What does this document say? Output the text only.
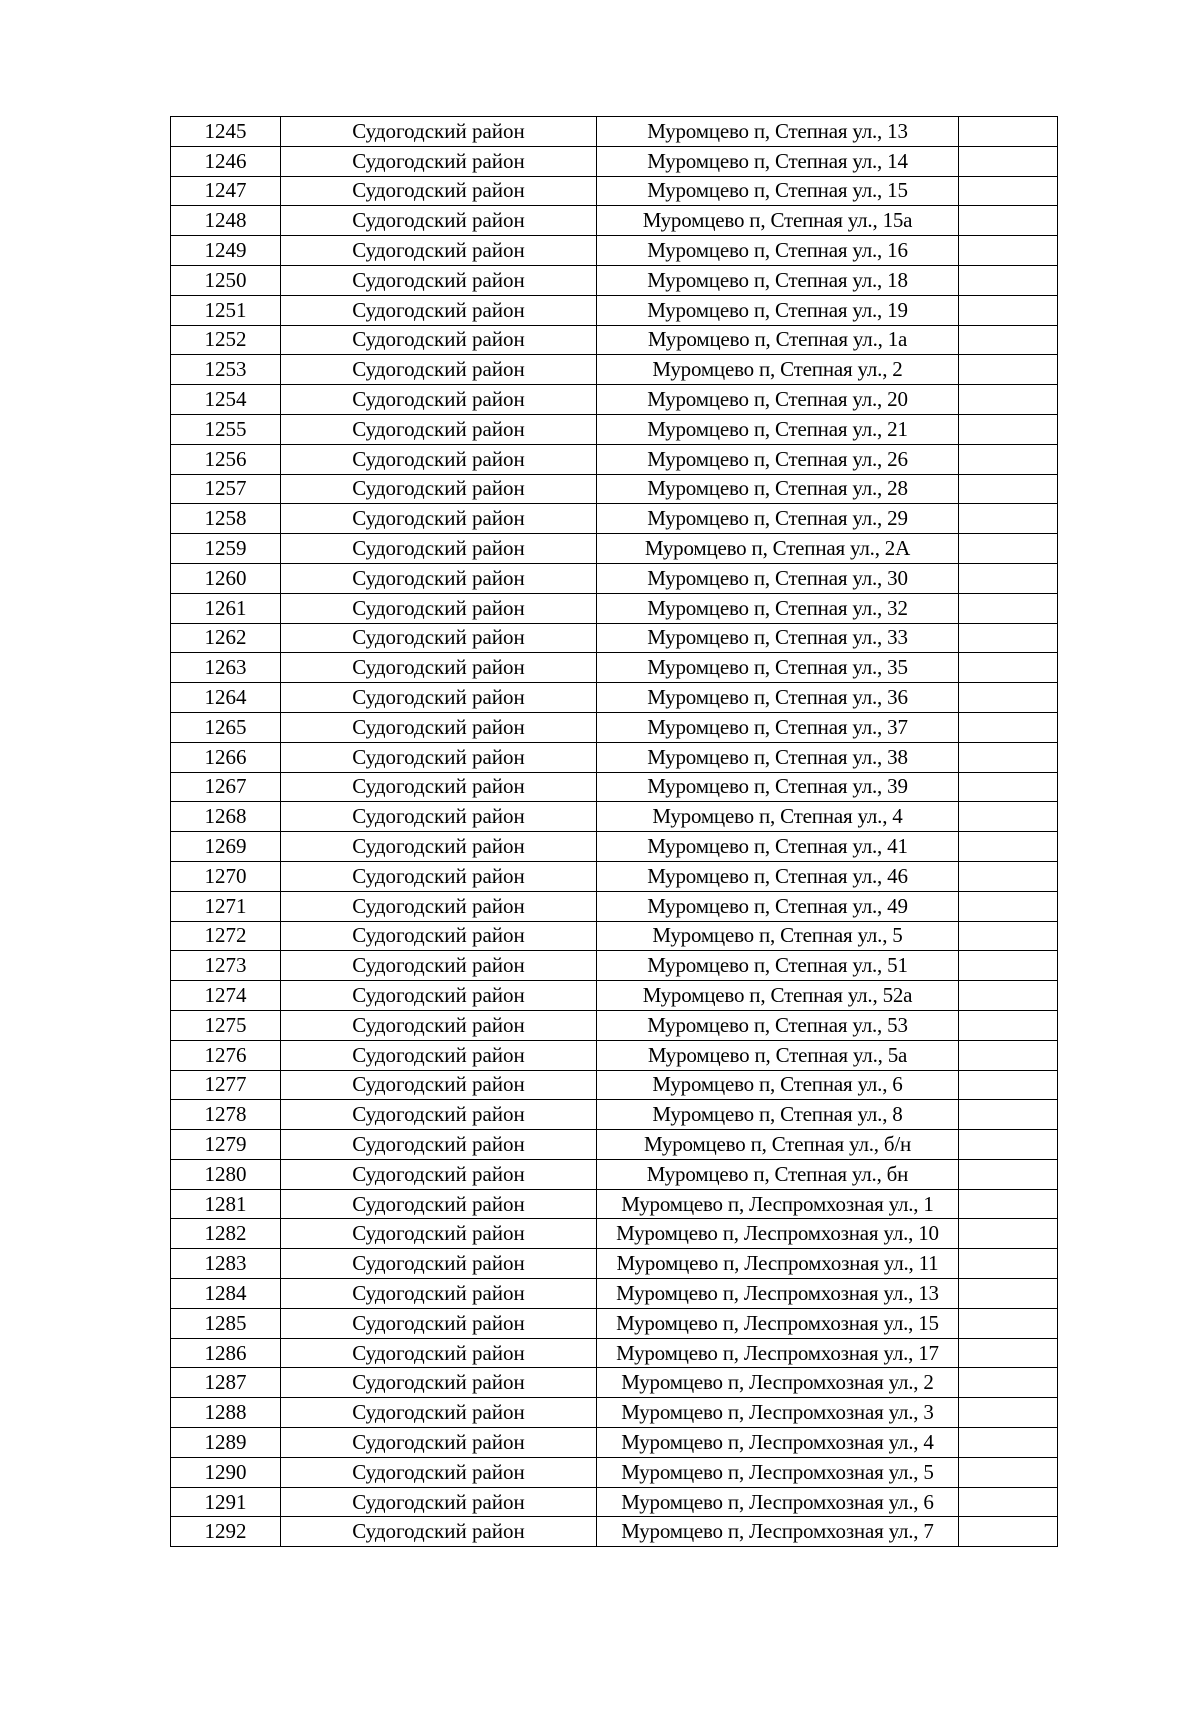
1245	Судогодский район	Муромцево п, Степная ул., 13	
1246	Судогодский район	Муромцево п, Степная ул., 14	
1247	Судогодский район	Муромцево п, Степная ул., 15	
1248	Судогодский район	Муромцево п, Степная ул., 15а	
1249	Судогодский район	Муромцево п, Степная ул., 16	
1250	Судогодский район	Муромцево п, Степная ул., 18	
1251	Судогодский район	Муромцево п, Степная ул., 19	
1252	Судогодский район	Муромцево п, Степная ул., 1а	
1253	Судогодский район	Муромцево п, Степная ул., 2	
1254	Судогодский район	Муромцево п, Степная ул., 20	
1255	Судогодский район	Муромцево п, Степная ул., 21	
1256	Судогодский район	Муромцево п, Степная ул., 26	
1257	Судогодский район	Муромцево п, Степная ул., 28	
1258	Судогодский район	Муромцево п, Степная ул., 29	
1259	Судогодский район	Муромцево п, Степная ул., 2А	
1260	Судогодский район	Муромцево п, Степная ул., 30	
1261	Судогодский район	Муромцево п, Степная ул., 32	
1262	Судогодский район	Муромцево п, Степная ул., 33	
1263	Судогодский район	Муромцево п, Степная ул., 35	
1264	Судогодский район	Муромцево п, Степная ул., 36	
1265	Судогодский район	Муромцево п, Степная ул., 37	
1266	Судогодский район	Муромцево п, Степная ул., 38	
1267	Судогодский район	Муромцево п, Степная ул., 39	
1268	Судогодский район	Муромцево п, Степная ул., 4	
1269	Судогодский район	Муромцево п, Степная ул., 41	
1270	Судогодский район	Муромцево п, Степная ул., 46	
1271	Судогодский район	Муромцево п, Степная ул., 49	
1272	Судогодский район	Муромцево п, Степная ул., 5	
1273	Судогодский район	Муромцево п, Степная ул., 51	
1274	Судогодский район	Муромцево п, Степная ул., 52а	
1275	Судогодский район	Муромцево п, Степная ул., 53	
1276	Судогодский район	Муромцево п, Степная ул., 5а	
1277	Судогодский район	Муромцево п, Степная ул., 6	
1278	Судогодский район	Муромцево п, Степная ул., 8	
1279	Судогодский район	Муромцево п, Степная ул., б/н	
1280	Судогодский район	Муромцево п, Степная ул., бн	
1281	Судогодский район	Муромцево п, Леспромхозная ул., 1	
1282	Судогодский район	Муромцево п, Леспромхозная ул., 10	
1283	Судогодский район	Муромцево п, Леспромхозная ул., 11	
1284	Судогодский район	Муромцево п, Леспромхозная ул., 13	
1285	Судогодский район	Муромцево п, Леспромхозная ул., 15	
1286	Судогодский район	Муромцево п, Леспромхозная ул., 17	
1287	Судогодский район	Муромцево п, Леспромхозная ул., 2	
1288	Судогодский район	Муромцево п, Леспромхозная ул., 3	
1289	Судогодский район	Муромцево п, Леспромхозная ул., 4	
1290	Судогодский район	Муромцево п, Леспромхозная ул., 5	
1291	Судогодский район	Муромцево п, Леспромхозная ул., 6	
1292	Судогодский район	Муромцево п, Леспромхозная ул., 7	
